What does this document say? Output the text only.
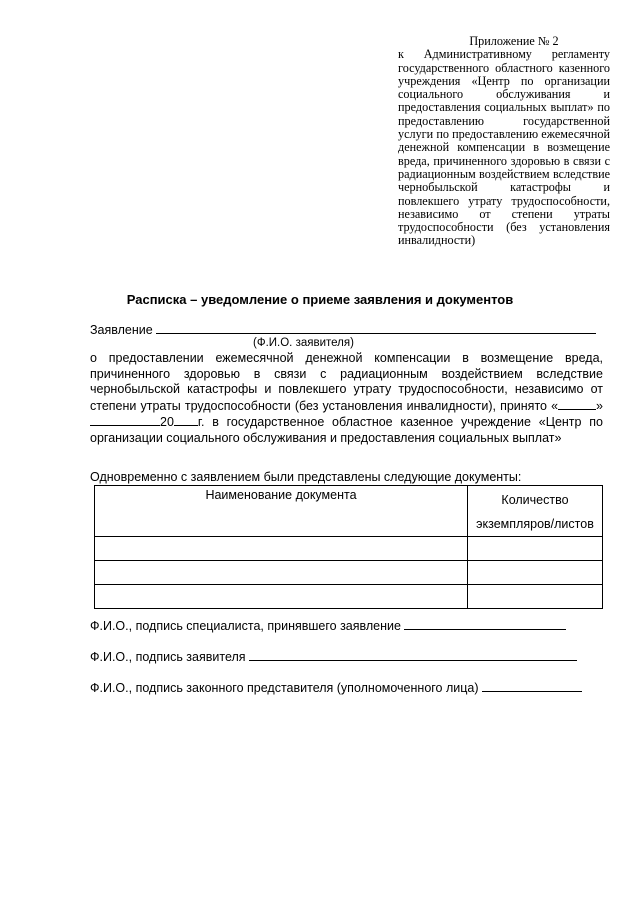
Приложение № 2
к Административному регламенту государственного областного казенного учреждения «Центр по организации социального обслуживания и предоставления социальных выплат» по предоставлению государственной услуги по предоставлению ежемесячной денежной компенсации в возмещение вреда, причиненного здоровью в связи с радиационным воздействием вследствие чернобыльской катастрофы и повлекшего утрату трудоспособности, независимо от степени утраты трудоспособности (без установления инвалидности)
Расписка – уведомление о приеме заявления и документов
Заявление
(Ф.И.О. заявителя)
о предоставлении ежемесячной денежной компенсации в возмещение вреда, причиненного здоровью в связи с радиационным воздействием вследствие чернобыльской катастрофы и повлекшего утрату трудоспособности, независимо от степени утраты трудоспособности (без установления инвалидности), принято «	»20 г. в государственное областное казенное учреждение «Центр по организации социального обслуживания и предоставления социальных выплат»
Одновременно с заявлением были представлены следующие документы:
Наименование документа	Количество
экземпляров/листов

Ф.И.О., подпись специалиста, принявшего заявление
Ф.И.О., подпись заявителя
Ф.И.О., подпись законного представителя (уполномоченного лица)
